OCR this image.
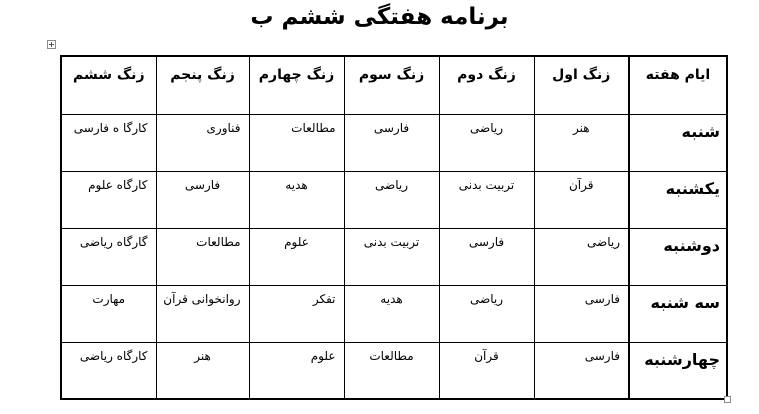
برنامه هفتگی ششم ب
ایام هفته	زنگ اول	زنگ دوم	زنگ سوم	زنگ چهارم	زنگ پنجم	زنگ ششم
شنبه	هنر	ریاضی	فارسی	مطالعات	فناوری	کارگا ه فارسی
یکشنبه	قرآن	تربیت بدنی	ریاضی	هدیه	فارسی	کارگاه علوم
دوشنبه	ریاضی	فارسی	تربیت بدنی	علوم	مطالعات	گارگاه ریاضی
سه شنبه	فارسی	ریاضی	هدیه	تفکر	روانخوانی قرآن	مهارت
چهارشنبه	فارسی	قرآن	مطالعات	علوم	هنر	کارگاه ریاضی
